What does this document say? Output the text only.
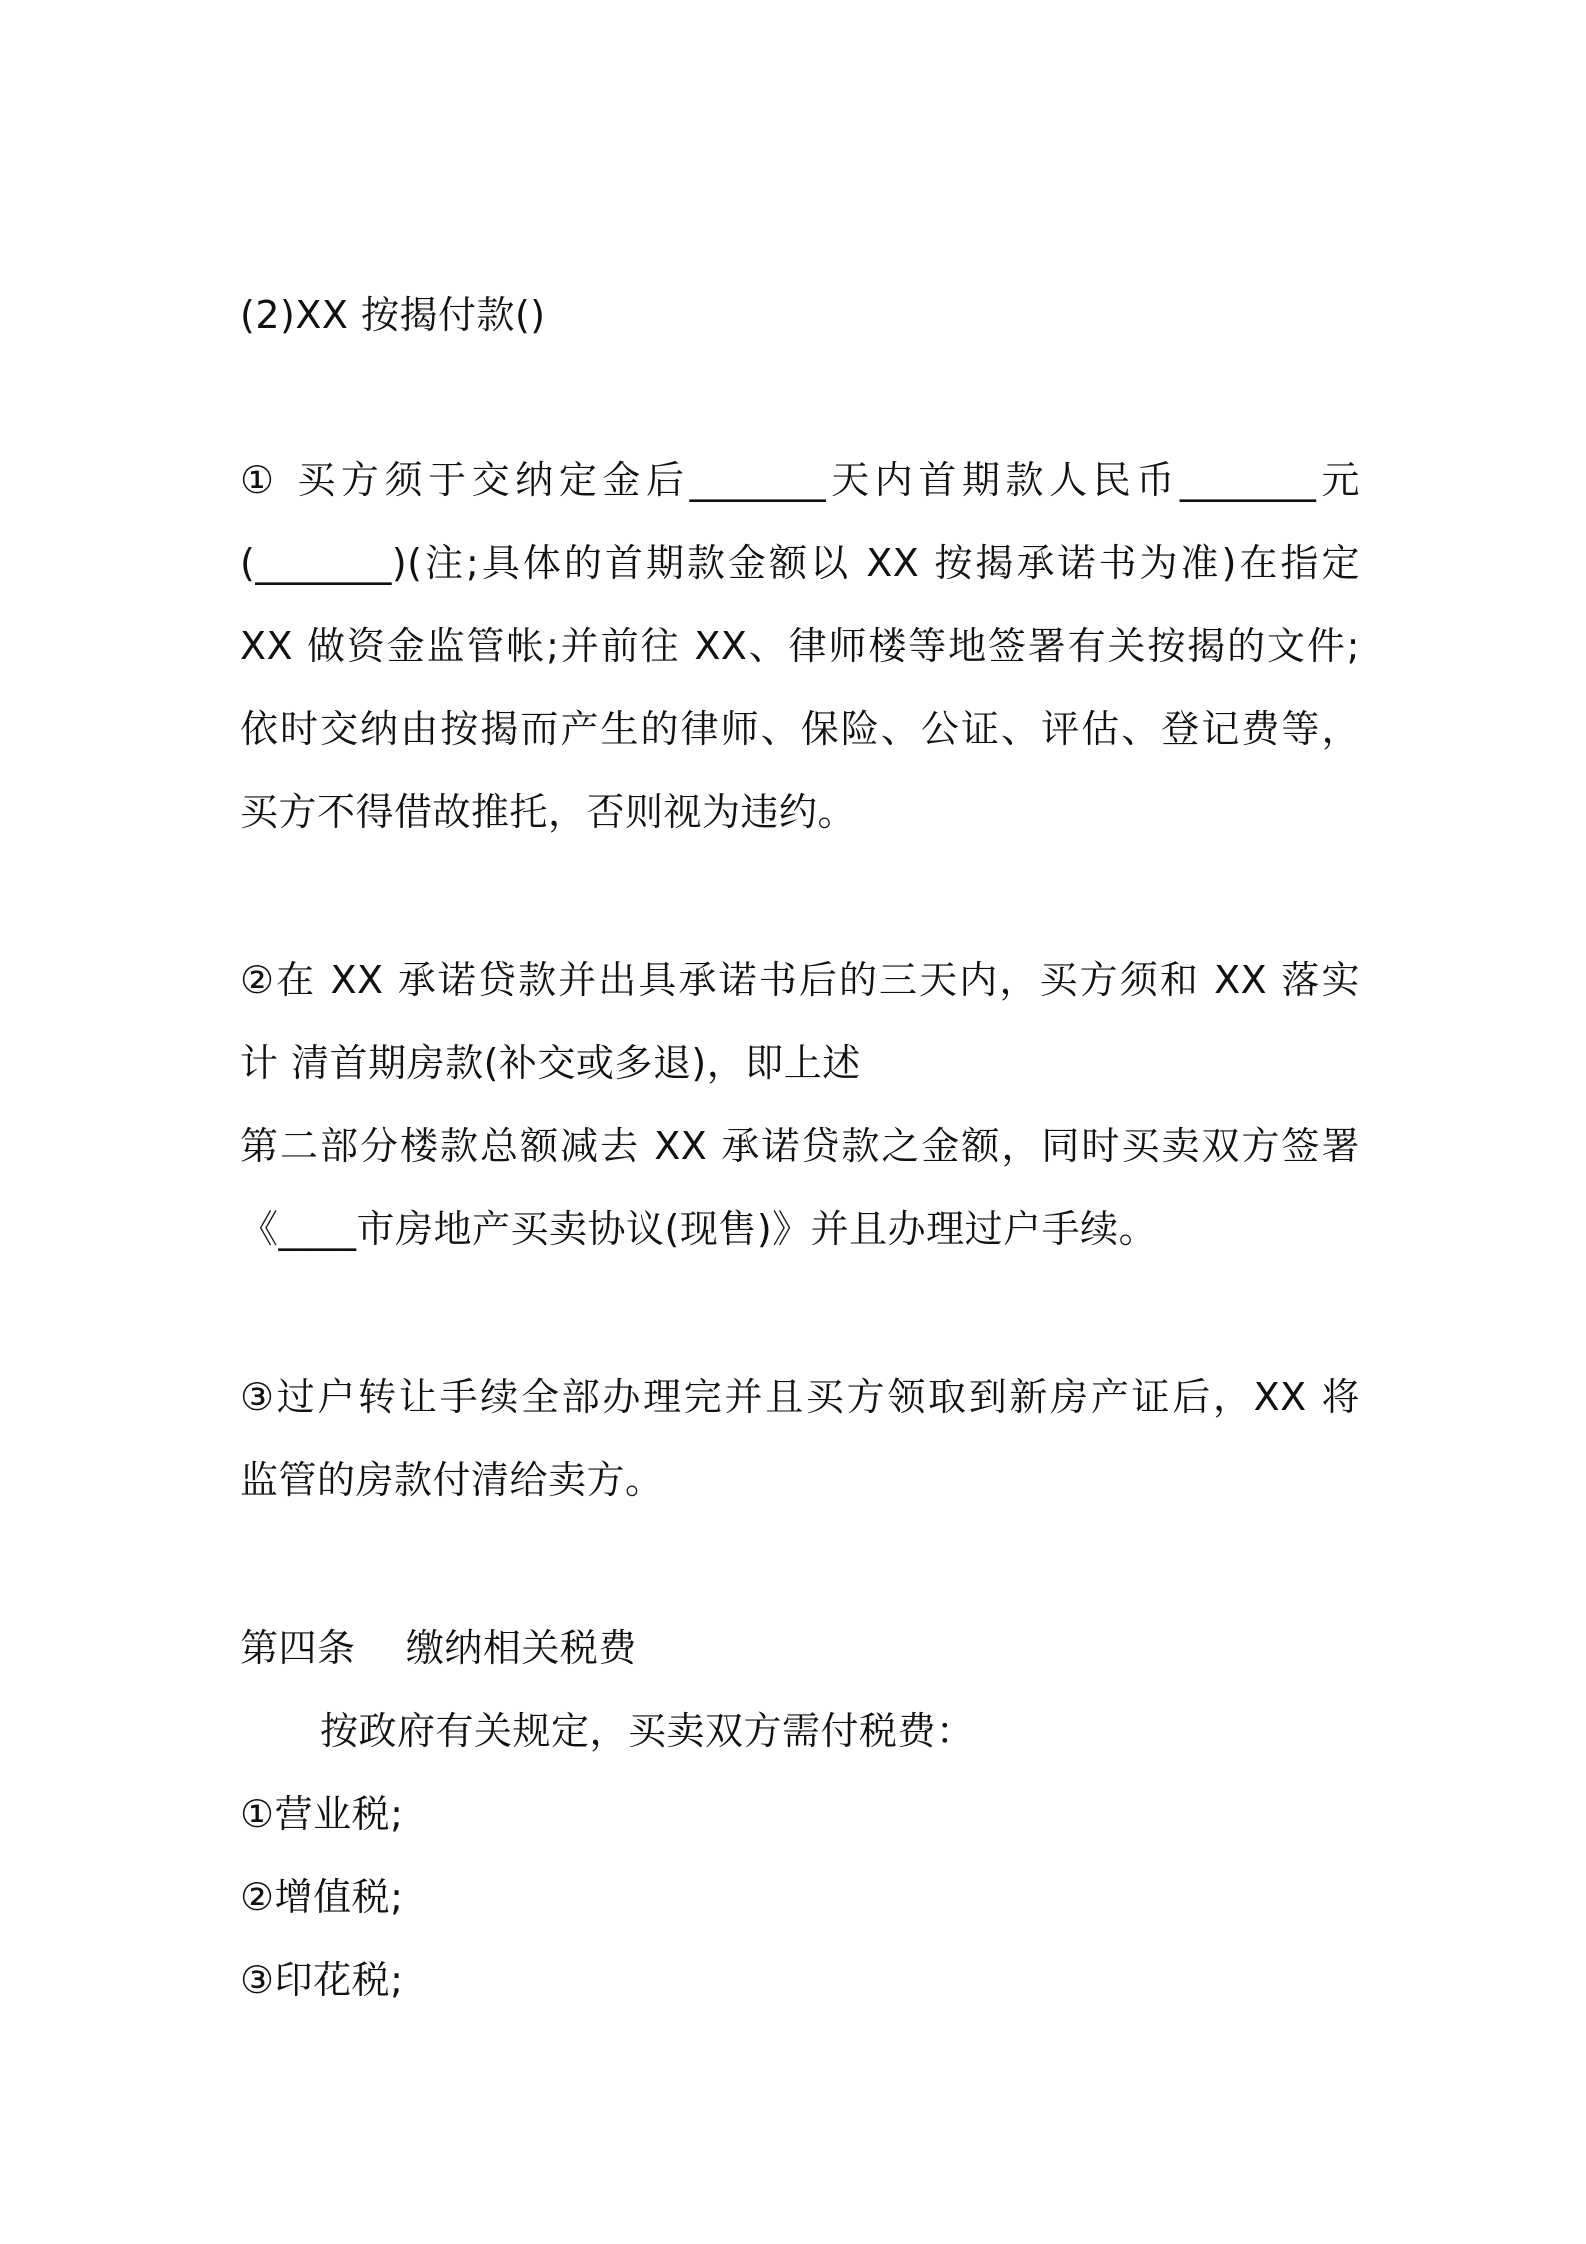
(2)XX 按揭付款()
① 买方须于交纳定金后_______天内首期款人民币_______元
(_______)(注;具体的首期款金额以 XX 按揭承诺书为准)在指定
XX 做资金监管帐;并前往 XX、律师楼等地签署有关按揭的文件;
依时交纳由按揭而产生的律师、保险、公证、评估、登记费等，
买方不得借故推托，否则视为违约。
②在 XX 承诺贷款并出具承诺书后的三天内，买方须和 XX 落实
计 清首期房款(补交或多退)，即上述
第二部分楼款总额减去 XX 承诺贷款之金额，同时买卖双方签署
《____市房地产买卖协议(现售)》并且办理过户手续。
③过户转让手续全部办理完并且买方领取到新房产证后，XX 将
监管的房款付清给卖方。
第四条    缴纳相关税费
按政府有关规定，买卖双方需付税费：
①营业税;
②增值税;
③印花税;
